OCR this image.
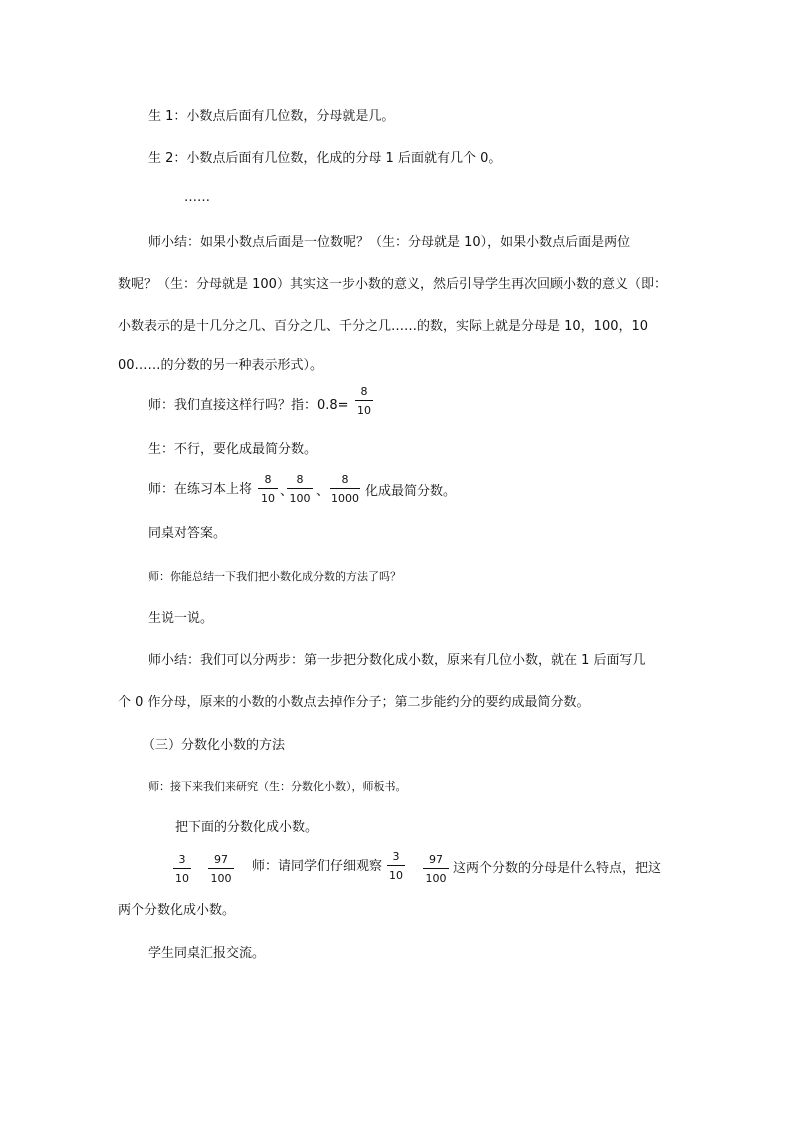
生 1：小数点后面有几位数，分母就是几。
生 2：小数点后面有几位数，化成的分母 1 后面就有几个 0。
……
师小结：如果小数点后面是一位数呢？（生：分母就是 10），如果小数点后面是两位
数呢？（生：分母就是 100）其实这一步小数的意义，然后引导学生再次回顾小数的意义（即：
小数表示的是十几分之几、百分之几、千分之几……的数，实际上就是分母是 10，100，10
00……的分数的另一种表示形式）。
师：我们直接这样行吗？指：$0.8= \frac{8}{10}$
生：不行，要化成最简分数。
师：在练习本上将 $\frac{8}{10}$ 、
$\frac{8}{100}$ 、 $\frac{8}{1000}$ 化成最简分数。
同桌对答案。
师：你能总结一下我们把小数化成分数的方法了吗？
生说一说。
师小结：我们可以分两步：第一步把分数化成小数，原来有几位小数，就在 1 后面写几
个 0 作分母，原来的小数的小数点去掉作分子；第二步能约分的要约成最简分数。
（三）分数化小数的方法
师：接下来我们来研究（生：分数化小数），师板书。
把下面的分数化成小数。
$\frac{3}{10} \frac{97}{100}$ 师：请同学们仔细观察 $\frac{3}{10} \frac{97}{100}$ 这两个分数的分母是什么特点，把这
两个分数化成小数。
学生同桌汇报交流。
